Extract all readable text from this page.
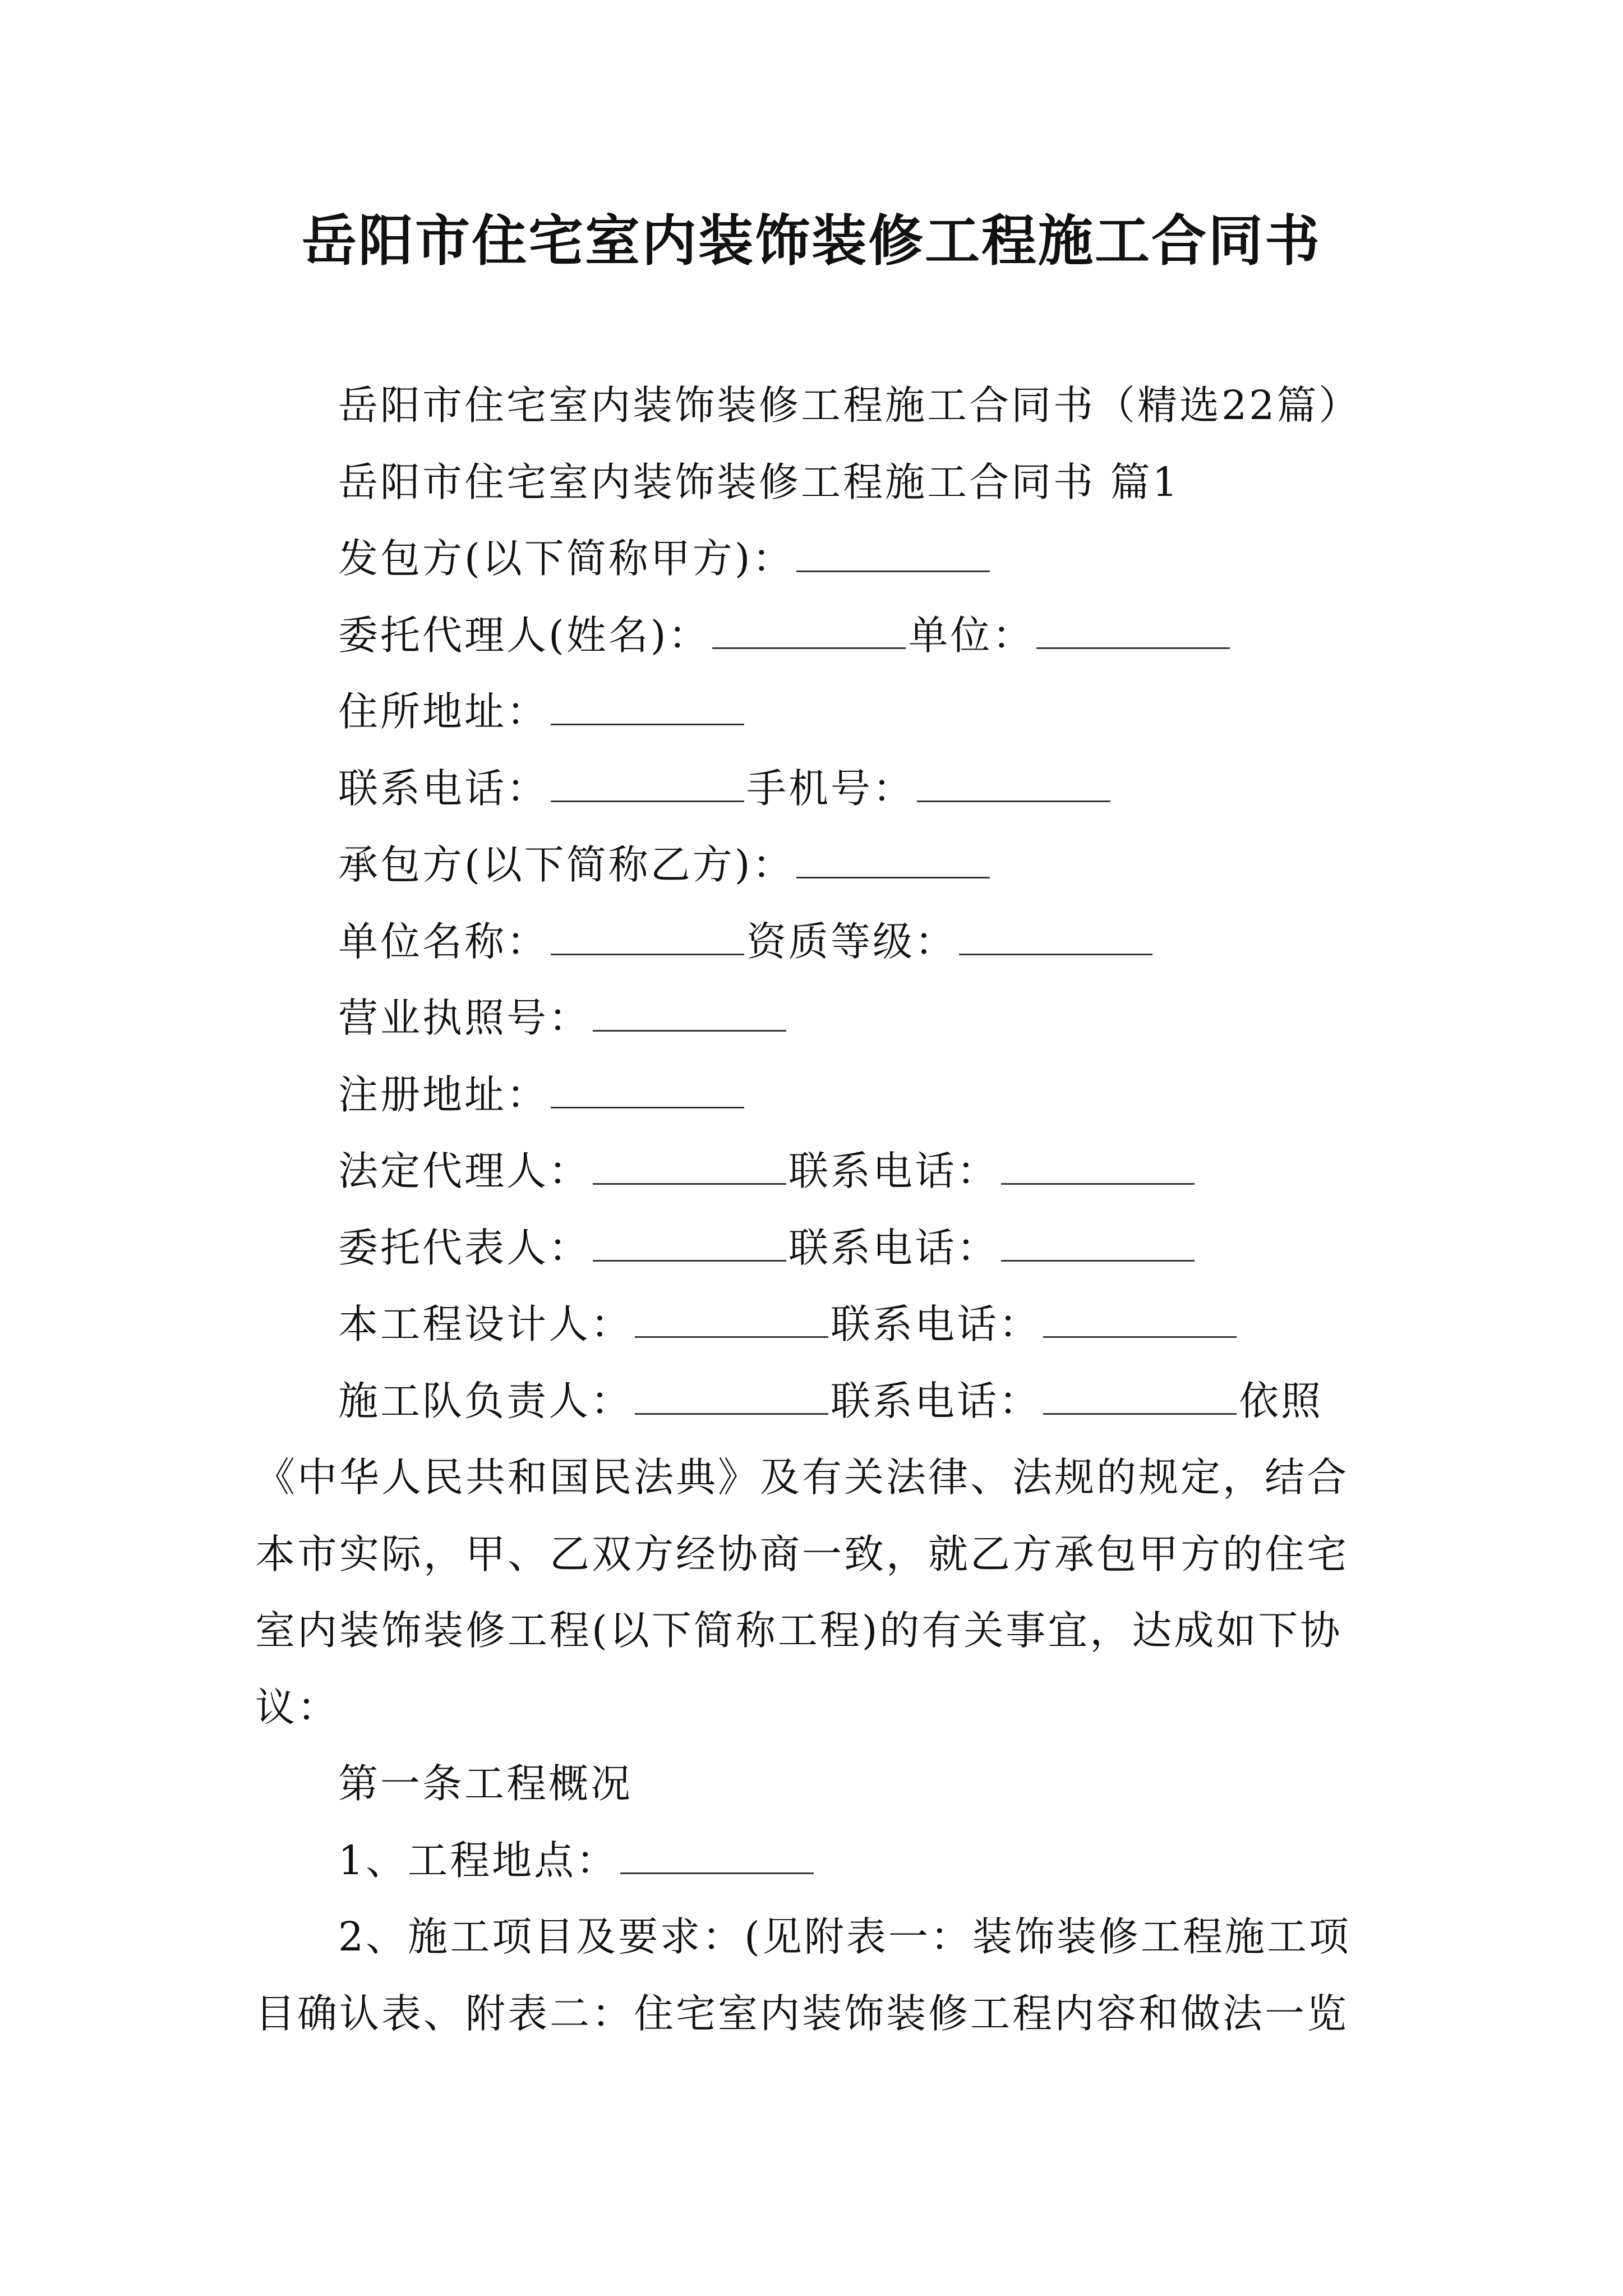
岳阳市住宅室内装饰装修工程施工合同书
岳阳市住宅室内装饰装修工程施工合同书（精选22篇）
岳阳市住宅室内装饰装修工程施工合同书 篇1
发包方(以下简称甲方)：
委托代理人(姓名)：	单位：
住所地址：
联系电话：	手机号：
承包方(以下简称乙方)：
单位名称：	资质等级：
营业执照号：
注册地址：
法定代理人：	联系电话：
委托代表人：	联系电话：
本工程设计人：	联系电话：
施工队负责人：	联系电话：	依照
《中华人民共和国民法典》及有关法律、法规的规定，结合
本市实际，甲、乙双方经协商一致，就乙方承包甲方的住宅
室内装饰装修工程(以下简称工程)的有关事宜，达成如下协
议：
第一条工程概况
1、工程地点：
2、施工项目及要求：(见附表一：装饰装修工程施工项
目确认表、附表二：住宅室内装饰装修工程内容和做法一览
